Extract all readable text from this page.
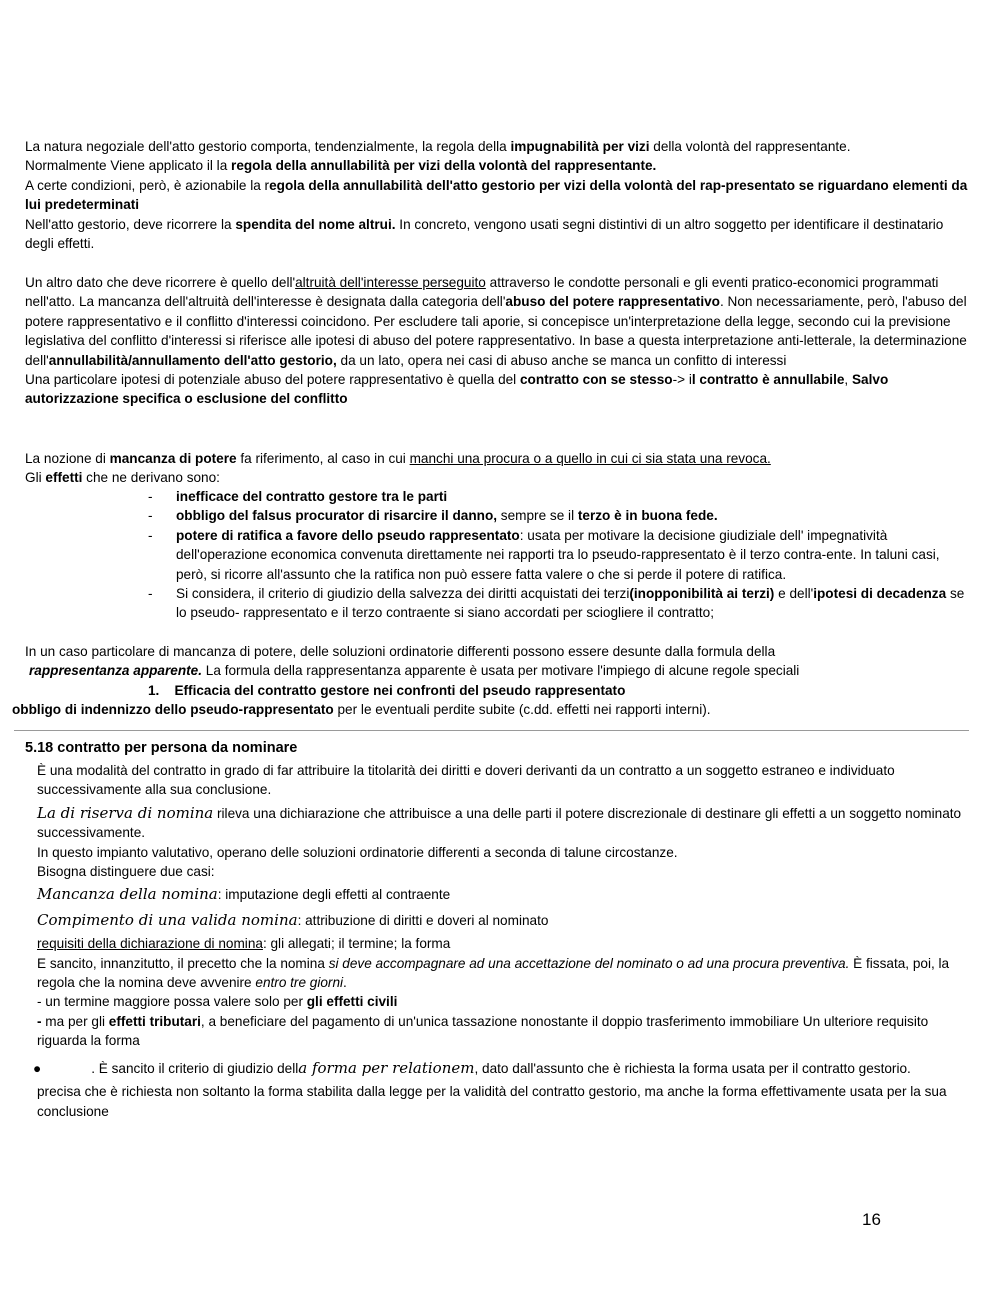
La natura negoziale dell'atto gestorio comporta, tendenzialmente, la regola della impugnabilità per vizi della volontà del rappresentante.

Normalmente Viene applicato il la regola della annullabilità per vizi della volontà del rappresentante.

A certe condizioni, però, è azionabile la regola della annullabilità dell'atto gestorio per vizi della volontà del rap-presentato se riguardano elementi da lui predeterminati

Nell'atto gestorio, deve ricorrere la spendita del nome altrui. In concreto, vengono usati segni distintivi di un altro soggetto per identificare il destinatario degli effetti.

Un altro dato che deve ricorrere è quello dell'altruità dell'interesse perseguito attraverso le condotte personali e gli eventi pratico-economici programmati nell'atto. La mancanza dell'altruità dell'interesse è designata dalla categoria dell'abuso del potere rappresentativo. Non necessariamente, però, l'abuso del potere rappresentativo e il conflitto d'interessi coincidono. Per escludere tali aporie, si concepisce un'interpretazione della legge, secondo cui la previsione legislativa del conflitto d'interessi si riferisce alle ipotesi di abuso del potere rappresentativo. In base a questa interpretazione anti-letterale, la determinazione dell'annullabilità/annullamento dell'atto gestorio, da un lato, opera nei casi di abuso anche se manca un confitto di interessi

Una particolare ipotesi di potenziale abuso del potere rappresentativo è quella del contratto con se stesso-> il contratto è annullabile, Salvo autorizzazione specifica o esclusione del conflitto

La nozione di mancanza di potere fa riferimento, al caso in cui manchi una procura o a quello in cui ci sia stata una revoca.

Gli effetti che ne derivano sono:

- inefficace del contratto gestore tra le parti
- obbligo del falsus procurator di risarcire il danno, sempre se il terzo è in buona fede.
- potere di ratifica a favore dello pseudo rappresentato: usata per motivare la decisione giudiziale dell' impegnatività dell'operazione economica convenuta direttamente nei rapporti tra lo pseudo-rappresentato è il terzo contra-ente. In taluni casi, però, si ricorre all'assunto che la ratifica non può essere fatta valere o che si perde il potere di ratifica.
- Si considera, il criterio di giudizio della salvezza dei diritti acquistati dei terzi(inopponibilità ai terzi) e dell'ipotesi di decadenza se lo pseudo- rappresentato e il terzo contraente si siano accordati per sciogliere il contratto;

In un caso particolare di mancanza di potere, delle soluzioni ordinatorie differenti possono essere desunte dalla formula della

rappresentanza apparente. La formula della rappresentanza apparente è usata per motivare l'impiego di alcune regole speciali

1. Efficacia del contratto gestore nei confronti del pseudo rappresentato

obbligo di indennizzo dello pseudo-rappresentato per le eventuali perdite subite (c.dd. effetti nei rapporti interni).

5.18 contratto per persona da nominare

È una modalità del contratto in grado di far attribuire la titolarità dei diritti e doveri derivanti da un contratto a un soggetto estraneo e individuato successivamente alla sua conclusione.

La di riserva di nomina rileva una dichiarazione che attribuisce a una delle parti il potere discrezionale di destinare gli effetti a un soggetto nominato successivamente.

In questo impianto valutativo, operano delle soluzioni ordinatorie differenti a seconda di talune circostanze.

Bisogna distinguere due casi:

Mancanza della nomina: imputazione degli effetti al contraente

Compimento di una valida nomina: attribuzione di diritti e doveri al nominato

requisiti della dichiarazione di nomina: gli allegati; il termine; la forma

E sancito, innanzitutto, il precetto che la nomina si deve accompagnare ad una accettazione del nominato o ad una procura preventiva. È fissata, poi, la regola che la nomina deve avvenire entro tre giorni.

- un termine maggiore possa valere solo per gli effetti civili

- ma per gli effetti tributari, a beneficiare del pagamento di un'unica tassazione nonostante il doppio trasferimento immobiliare Un ulteriore requisito riguarda la forma

●	. È sancito il criterio di giudizio della forma per relationem, dato dall'assunto che è richiesta la forma usata per il contratto gestorio.

precisa che è richiesta non soltanto la forma stabilita dalla legge per la validità del contratto gestorio, ma anche la forma effettivamente usata per la sua conclusione

16
